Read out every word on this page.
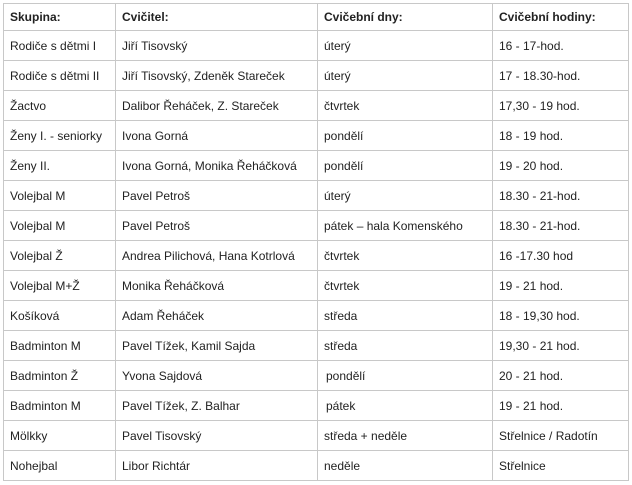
Skupina:	Cvičitel:	Cvičební dny:	Cvičební hodiny:
Rodiče s dětmi I	Jiří Tisovský	úterý	16 - 17-hod.
Rodiče s dětmi II	Jiří Tisovský, Zdeněk Stareček	úterý	17 - 18.30-hod.
Žactvo	Dalibor Řeháček, Z. Stareček	čtvrtek	17,30 - 19 hod.
Ženy I. - seniorky	Ivona Gorná	pondělí	18 - 19 hod.
Ženy II.	Ivona Gorná, Monika Řeháčková	pondělí	19 - 20 hod.
Volejbal M	Pavel Petroš	úterý	18.30 - 21-hod.
Volejbal M	Pavel Petroš	pátek – hala Komenského	18.30 - 21-hod.
Volejbal Ž	Andrea Pilichová, Hana Kotrlová	čtvrtek	16 -17.30 hod
Volejbal M+Ž	Monika Řeháčková	čtvrtek	19 - 21 hod.
Košíková	Adam Řeháček	středa	18 - 19,30 hod.
Badminton M	Pavel Tížek, Kamil Sajda	středa	19,30 - 21 hod.
Badminton Ž	Yvona Sajdová	pondělí	20 - 21 hod.
Badminton M	Pavel Tížek, Z. Balhar	pátek	19 - 21 hod.
Mölkky	Pavel Tisovský	středa + neděle	Střelnice / Radotín
Nohejbal	Libor Richtár	neděle	Střelnice
